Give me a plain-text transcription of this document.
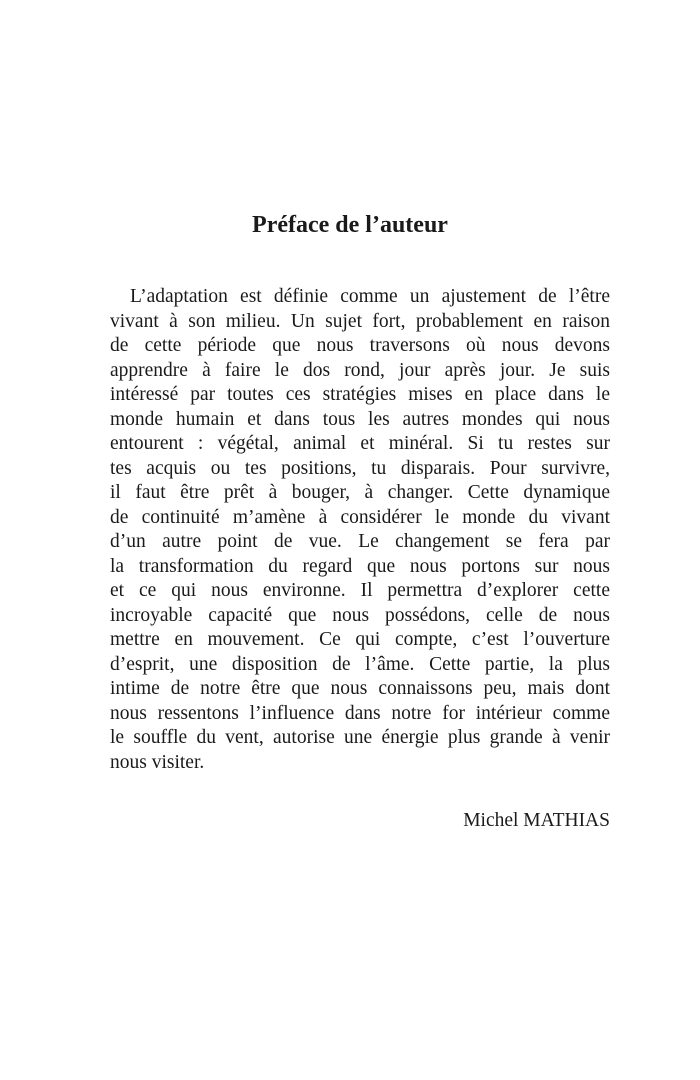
Préface de l’auteur
L’adaptation est définie comme un ajustement de l’être
vivant à son milieu. Un sujet fort, probablement en raison
de cette période que nous traversons où nous devons
apprendre à faire le dos rond, jour après jour. Je suis
intéressé par toutes ces stratégies mises en place dans le
monde humain et dans tous les autres mondes qui nous
entourent : végétal, animal et minéral. Si tu restes sur
tes acquis ou tes positions, tu disparais. Pour survivre,
il faut être prêt à bouger, à changer. Cette dynamique
de continuité m’amène à considérer le monde du vivant
d’un autre point de vue. Le changement se fera par
la transformation du regard que nous portons sur nous
et ce qui nous environne. Il permettra d’explorer cette
incroyable capacité que nous possédons, celle de nous
mettre en mouvement. Ce qui compte, c’est l’ouverture
d’esprit, une disposition de l’âme. Cette partie, la plus
intime de notre être que nous connaissons peu, mais dont
nous ressentons l’influence dans notre for intérieur comme
le souffle du vent, autorise une énergie plus grande à venir
nous visiter.
Michel MATHIAS
